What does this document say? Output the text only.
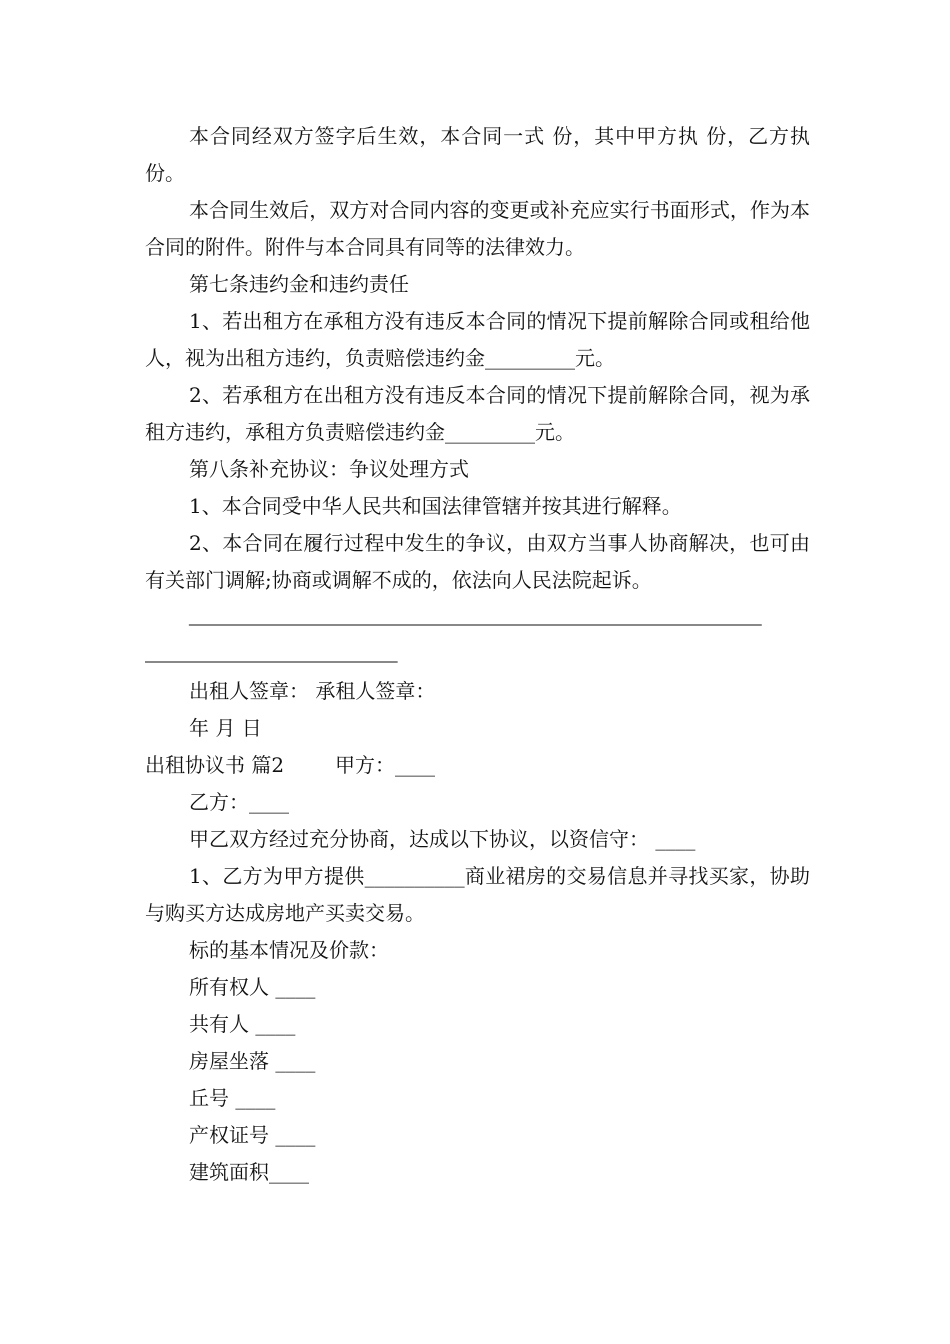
本合同经双方签字后生效，本合同一式 份，其中甲方执 份，乙方执 份。

本合同生效后，双方对合同内容的变更或补充应实行书面形式，作为本合同的附件。附件与本合同具有同等的法律效力。

第七条违约金和违约责任

1、若出租方在承租方没有违反本合同的情况下提前解除合同或租给他人，视为出租方违约，负责赔偿违约金_________元。

2、若承租方在出租方没有违反本合同的情况下提前解除合同，视为承租方违约，承租方负责赔偿违约金_________元。

第八条补充协议：争议处理方式

1、本合同受中华人民共和国法律管辖并按其进行解释。

2、本合同在履行过程中发生的争议，由双方当事人协商解决，也可由有关部门调解;协商或调解不成的，依法向人民法院起诉。

___________________________________________________________

__________________________

出租人签章： 承租人签章：

年 月 日

出租协议书 篇2        甲方：____

乙方：____

甲乙双方经过充分协商，达成以下协议，以资信守： ____

1、乙方为甲方提供__________商业裙房的交易信息并寻找买家，协助与购买方达成房地产买卖交易。

标的基本情况及价款：

所有权人 ____

共有人 ____

房屋坐落 ____

丘号 ____

产权证号 ____

建筑面积____
